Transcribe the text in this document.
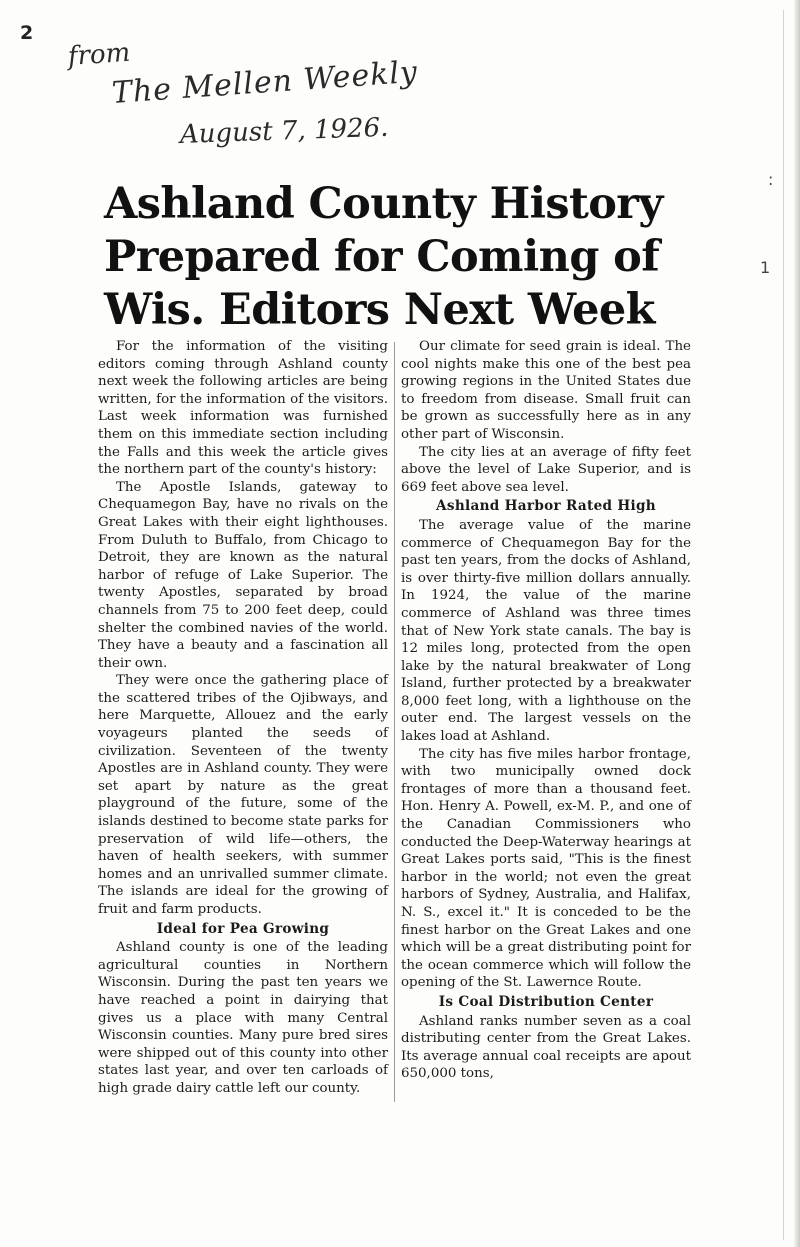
2
from
The Mellen Weekly
August 7, 1926.
:
1
Ashland County History
Prepared for Coming of
Wis. Editors Next Week

For the information of the visiting editors coming through Ashland county next week the following articles are being written, for the information of the visitors. Last week information was furnished them on this immediate section including the Falls and this week the article gives the northern part of the county's history:

The Apostle Islands, gateway to Chequamegon Bay, have no rivals on the Great Lakes with their eight lighthouses. From Duluth to Buffalo, from Chicago to Detroit, they are known as the natural harbor of refuge of Lake Superior. The twenty Apostles, separated by broad channels from 75 to 200 feet deep, could shelter the combined navies of the world. They have a beauty and a fascination all their own.

They were once the gathering place of the scattered tribes of the Ojibways, and here Marquette, Allouez and the early voyageurs planted the seeds of civilization. Seventeen of the twenty Apostles are in Ashland county. They were set apart by nature as the great playground of the future, some of the islands destined to become state parks for preservation of wild life—others, the haven of health seekers, with summer homes and an unrivalled summer climate. The islands are ideal for the growing of fruit and farm products.

Ideal for Pea Growing

Ashland county is one of the leading agricultural counties in Northern Wisconsin. During the past ten years we have reached a point in dairying that gives us a place with many Central Wisconsin counties. Many pure bred sires were shipped out of this county into other states last year, and over ten carloads of high grade dairy cattle left our county.

Our climate for seed grain is ideal. The cool nights make this one of the best pea growing regions in the United States due to freedom from disease. Small fruit can be grown as successfully here as in any other part of Wisconsin.

The city lies at an average of fifty feet above the level of Lake Superior, and is 669 feet above sea level.

Ashland Harbor Rated High

The average value of the marine commerce of Chequamegon Bay for the past ten years, from the docks of Ashland, is over thirty-five million dollars annually. In 1924, the value of the marine commerce of Ashland was three times that of New York state canals. The bay is 12 miles long, protected from the open lake by the natural breakwater of Long Island, further protected by a breakwater 8,000 feet long, with a lighthouse on the outer end. The largest vessels on the lakes load at Ashland.

The city has five miles harbor frontage, with two municipally owned dock frontages of more than a thousand feet. Hon. Henry A. Powell, ex-M. P., and one of the Canadian Commissioners who conducted the Deep-Waterway hearings at Great Lakes ports said, "This is the finest harbor in the world; not even the great harbors of Sydney, Australia, and Halifax, N. S., excel it." It is conceded to be the finest harbor on the Great Lakes and one which will be a great distributing point for the ocean commerce which will follow the opening of the St. Lawernce Route.

Is Coal Distribution Center

Ashland ranks number seven as a coal distributing center from the Great Lakes. Its average annual coal receipts are apout 650,000 tons,
